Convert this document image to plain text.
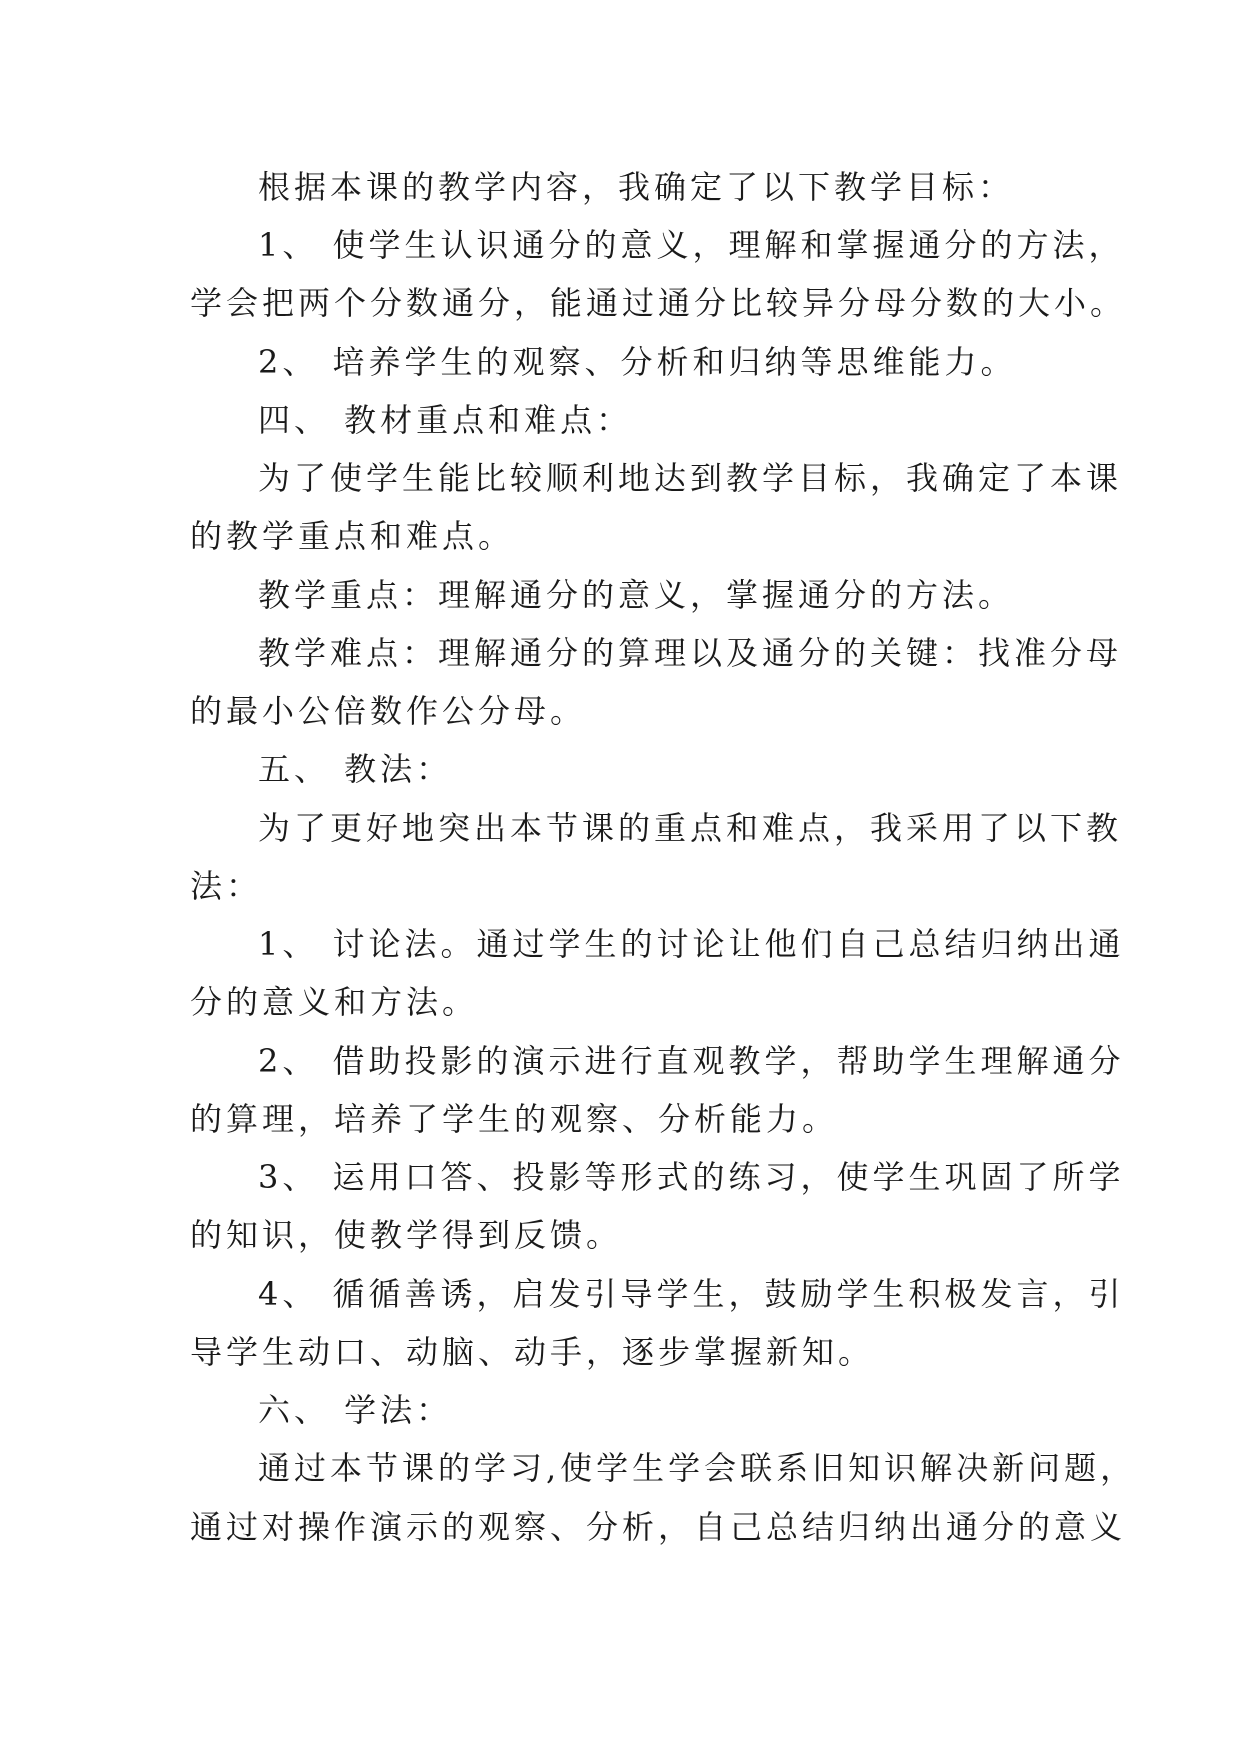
根据本课的教学内容，我确定了以下教学目标：
1、 使学生认识通分的意义，理解和掌握通分的方法，
学会把两个分数通分，能通过通分比较异分母分数的大小。
2、 培养学生的观察、分析和归纳等思维能力。
四、 教材重点和难点：
为了使学生能比较顺利地达到教学目标，我确定了本课
的教学重点和难点。
教学重点：理解通分的意义，掌握通分的方法。
教学难点：理解通分的算理以及通分的关键：找准分母
的最小公倍数作公分母。
五、 教法：
为了更好地突出本节课的重点和难点，我采用了以下教
法：
1、 讨论法。通过学生的讨论让他们自己总结归纳出通
分的意义和方法。
2、 借助投影的演示进行直观教学，帮助学生理解通分
的算理，培养了学生的观察、分析能力。
3、 运用口答、投影等形式的练习，使学生巩固了所学
的知识，使教学得到反馈。
4、 循循善诱，启发引导学生，鼓励学生积极发言，引
导学生动口、动脑、动手，逐步掌握新知。
六、 学法：
通过本节课的学习,使学生学会联系旧知识解决新问题，
通过对操作演示的观察、分析，自己总结归纳出通分的意义
